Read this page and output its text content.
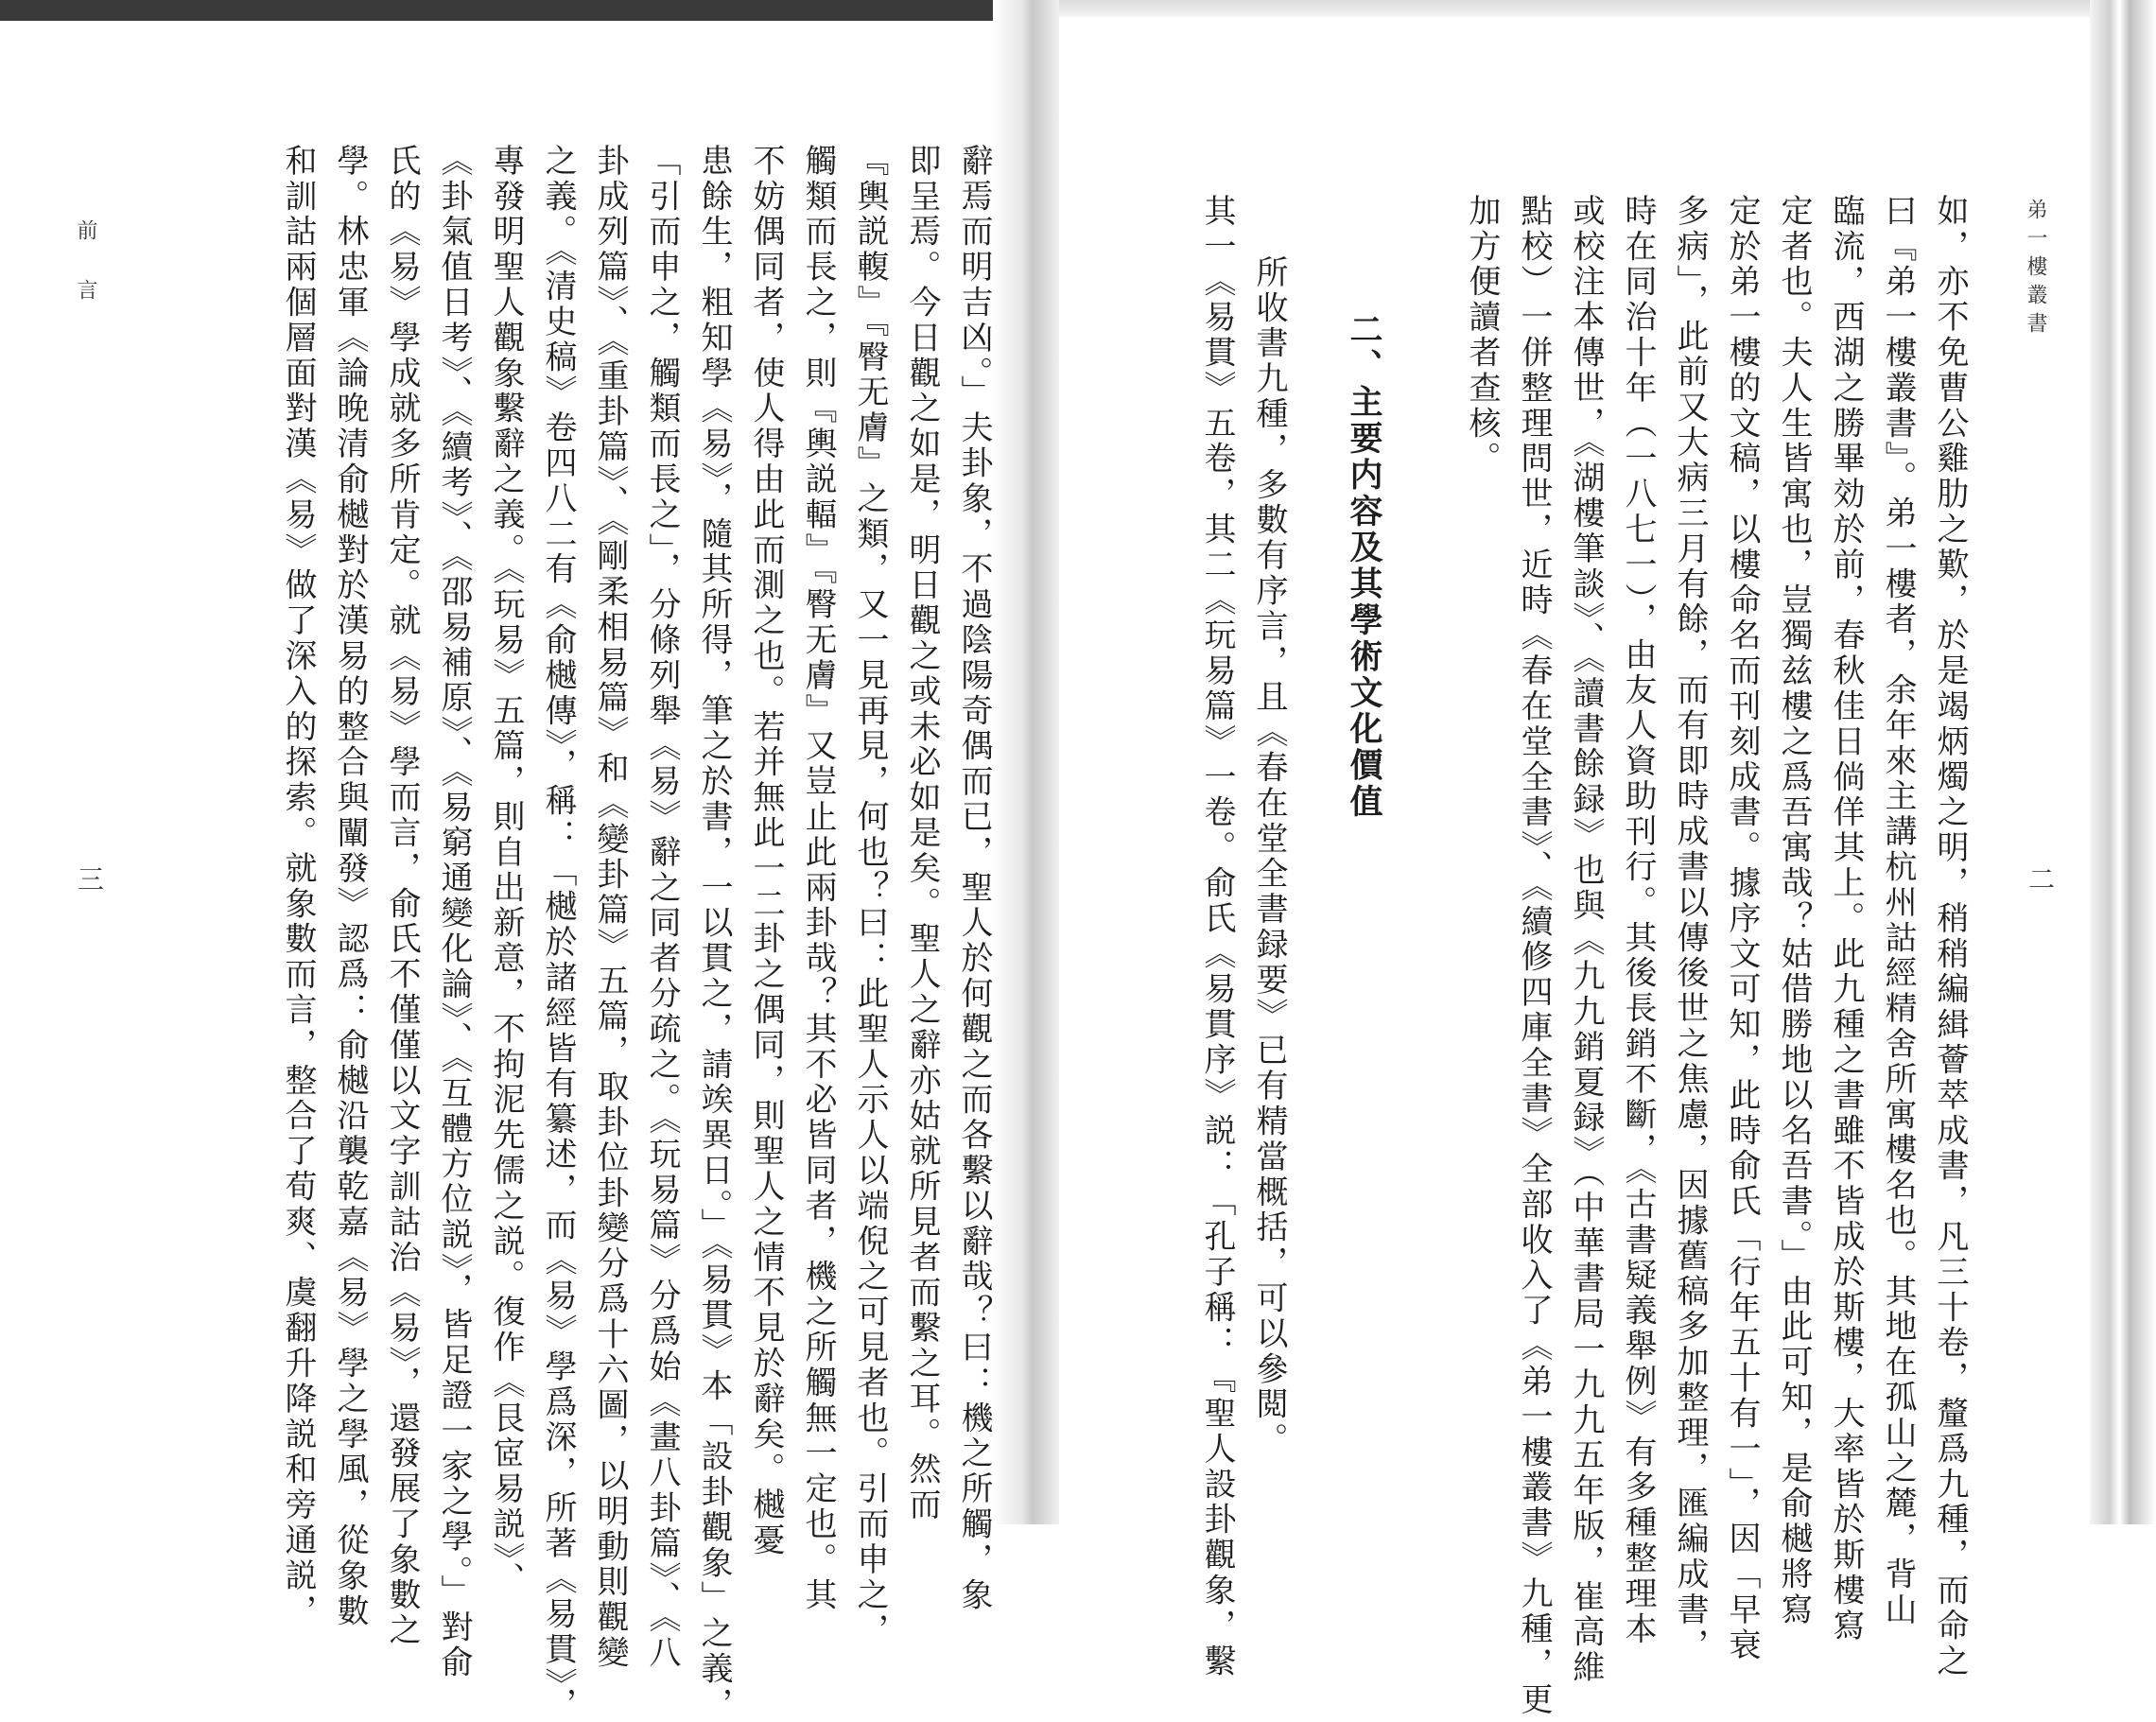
前 言
三	辭焉而明吉凶。」夫卦象，不過陰陽奇偶而已，聖人於何觀之而各繫以辭哉？曰：機之所觸，象
即呈焉。今日觀之如是，明日觀之或未必如是矣。聖人之辭亦姑就所見者而繫之耳。然而
『輿説輹』『臀无膚』之類，又一見再見，何也？曰：此聖人示人以端倪之可見者也。引而申之，
觸類而長之，則『輿説輻』『臀无膚』又豈止此兩卦哉？其不必皆同者，機之所觸無一定也。其
不妨偶同者，使人得由此而測之也。若并無此一二卦之偶同，則聖人之情不見於辭矣。樾憂
患餘生，粗知學《易》，隨其所得，筆之於書，一以貫之，請竢異日。」《易貫》本「設卦觀象」之義，
「引而申之，觸類而長之」，分條列舉《易》辭之同者分疏之。《玩易篇》分爲始《畫八卦篇》、《八
卦成列篇》、《重卦篇》、《剛柔相易篇》和《變卦篇》五篇，取卦位卦變分爲十六圖，以明動則觀變
之義。《清史稿》卷四八二有《俞樾傳》，稱：「樾於諸經皆有纂述，而《易》學爲深，所著《易貫》，
專發明聖人觀象繫辭之義。《玩易》五篇，則自出新意，不拘泥先儒之説。復作《艮宧易説》、
《卦氣值日考》、《續考》、《邵易補原》、《易窮通變化論》、《互體方位説》，皆足證一家之學。」對俞
氏的《易》學成就多所肯定。就《易》學而言，俞氏不僅僅以文字訓詁治《易》，還發展了象數之
學。林忠軍《論晚清俞樾對於漢易的整合與闡發》認爲：俞樾沿襲乾嘉《易》學之學風，從象數
和訓詁兩個層面對漢《易》做了深入的探索。就象數而言，整合了荀爽、虞翻升降説和旁通説，	弟一樓叢書
二
如，亦不免曹公雞肋之歎，於是竭炳燭之明，稍稍編緝薈萃成書，凡三十卷，釐爲九種，而命之
曰『弟一樓叢書』。弟一樓者，余年來主講杭州詁經精舍所寓樓名也。其地在孤山之麓，背山
臨流，西湖之勝畢効於前，春秋佳日倘佯其上。此九種之書雖不皆成於斯樓，大率皆於斯樓寫
定者也。夫人生皆寓也，豈獨兹樓之爲吾寓哉？姑借勝地以名吾書。」由此可知，是俞樾將寫
定於弟一樓的文稿，以樓命名而刊刻成書。據序文可知，此時俞氏「行年五十有一」，因「早衰
多病」，此前又大病三月有餘，而有即時成書以傳後世之焦慮，因據舊稿多加整理，匯編成書，
時在同治十年（一八七一），由友人資助刊行。其後長銷不斷，《古書疑義舉例》有多種整理本
或校注本傳世，《湖樓筆談》、《讀書餘録》也與《九九銷夏録》（中華書局一九九五年版，崔高維
點校）一併整理問世，近時《春在堂全書》、《續修四庫全書》全部收入了《弟一樓叢書》九種，更
加方便讀者查核。
二、主要内容及其學術文化價值
所收書九種，多數有序言，且《春在堂全書録要》已有精當概括，可以參閲。
其一《易貫》五卷，其二《玩易篇》一卷。俞氏《易貫序》説：「孔子稱：『聖人設卦觀象，繫
